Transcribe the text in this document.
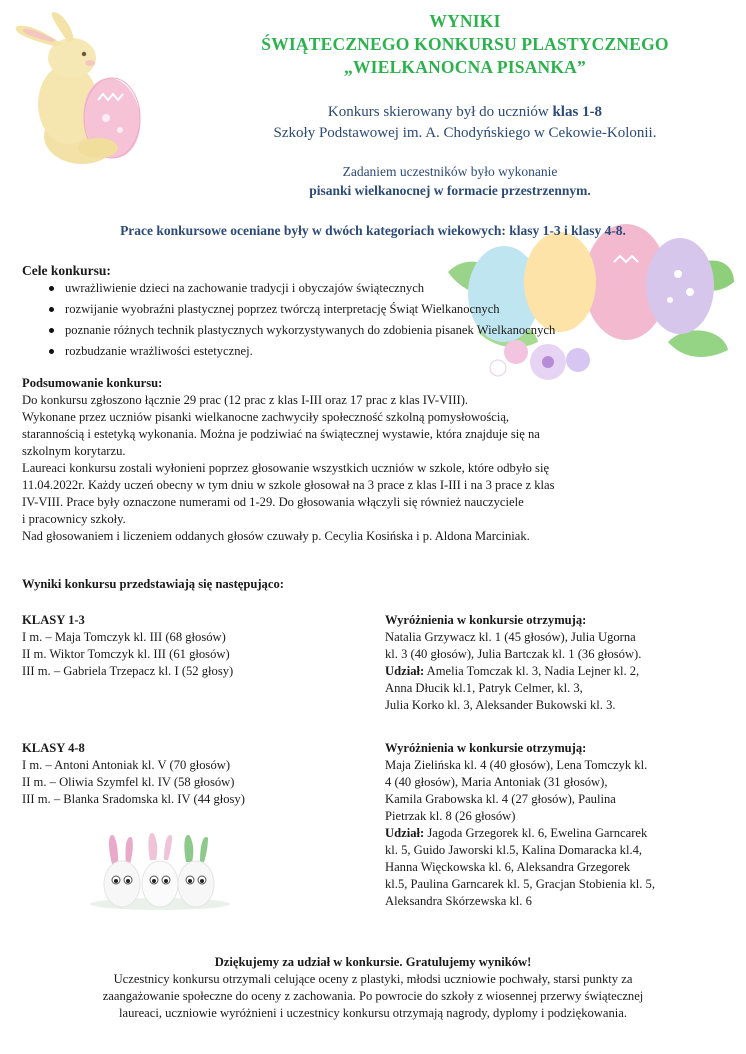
WYNIKI
ŚWIĄTECZNEGO KONKURSU PLASTYCZNEGO
„WIELKANOCNA PISANKA”
Konkurs skierowany był do uczniów klas 1-8
Szkoły Podstawowej im. A. Chodyńskiego w Cekowie-Kolonii.
Zadaniem uczestników było wykonanie
pisanki wielkanocnej w formacie przestrzennym.
Prace konkursowe oceniane były w dwóch kategoriach wiekowych: klasy 1-3 i klasy 4-8.
Cele konkursu:
uwrażliwienie dzieci na zachowanie tradycji i obyczajów świątecznych
rozwijanie wyobraźni plastycznej poprzez twórczą interpretację Świąt Wielkanocnych
poznanie różnych technik plastycznych wykorzystywanych do zdobienia pisanek Wielkanocnych
rozbudzanie wrażliwości estetycznej.
Podsumowanie konkursu:
Do konkursu zgłoszono łącznie 29 prac (12 prac z klas I-III oraz 17 prac z klas IV-VIII).
Wykonane przez uczniów pisanki wielkanocne zachwyciły społeczność szkolną pomysłowością,
starannością i estetyką wykonania. Można je podziwiać na świątecznej wystawie, która znajduje się na
szkolnym korytarzu.
Laureaci konkursu zostali wyłonieni poprzez głosowanie wszystkich uczniów w szkole, które odbyło się
11.04.2022r. Każdy uczeń obecny w tym dniu w szkole głosował na 3 prace z klas I-III i na 3 prace z klas
IV-VIII. Prace były oznaczone numerami od 1-29. Do głosowania włączyli się również nauczyciele
i pracownicy szkoły.
Nad głosowaniem i liczeniem oddanych głosów czuwały p. Cecylia Kosińska i p. Aldona Marciniak.
Wyniki konkursu przedstawiają się następująco:
KLASY 1-3
I m. – Maja Tomczyk kl. III (68 głosów)
II m. Wiktor Tomczyk kl. III (61 głosów)
III m. – Gabriela Trzepacz kl. I (52 głosy)
Wyróżnienia w konkursie otrzymują:
Natalia Grzywacz kl. 1 (45 głosów), Julia Ugorna
kl. 3 (40 głosów), Julia Bartczak kl. 1 (36 głosów).
Udział: Amelia Tomczak kl. 3, Nadia Lejner kl. 2,
Anna Dłucik kl.1, Patryk Celmer, kl. 3,
Julia Korko kl. 3, Aleksander Bukowski kl. 3.
KLASY 4-8
I m. – Antoni Antoniak kl. V (70 głosów)
II m. – Oliwia Szymfel kl. IV (58 głosów)
III m. – Blanka Sradomska kl. IV (44 głosy)
Wyróżnienia w konkursie otrzymują:
Maja Zielińska kl. 4 (40 głosów), Lena Tomczyk kl.
4 (40 głosów), Maria Antoniak (31 głosów),
Kamila Grabowska kl. 4 (27 głosów), Paulina
Pietrzak kl. 8 (26 głosów)
Udział: Jagoda Grzegorek kl. 6, Ewelina Garncarek
kl. 5, Guido Jaworski kl.5, Kalina Domaracka kl.4,
Hanna Więckowska kl. 6, Aleksandra Grzegorek
kl.5, Paulina Garncarek kl. 5, Gracjan Stobienia kl. 5,
Aleksandra Skórzewska kl. 6
Dziękujemy za udział w konkursie. Gratulujemy wyników!
Uczestnicy konkursu otrzymali celujące oceny z plastyki, młodsi uczniowie pochwały, starsi punkty za
zaangażowanie społeczne do oceny z zachowania. Po powrocie do szkoły z wiosennej przerwy świątecznej
laureaci, uczniowie wyróżnieni i uczestnicy konkursu otrzymają nagrody, dyplomy i podziękowania.
